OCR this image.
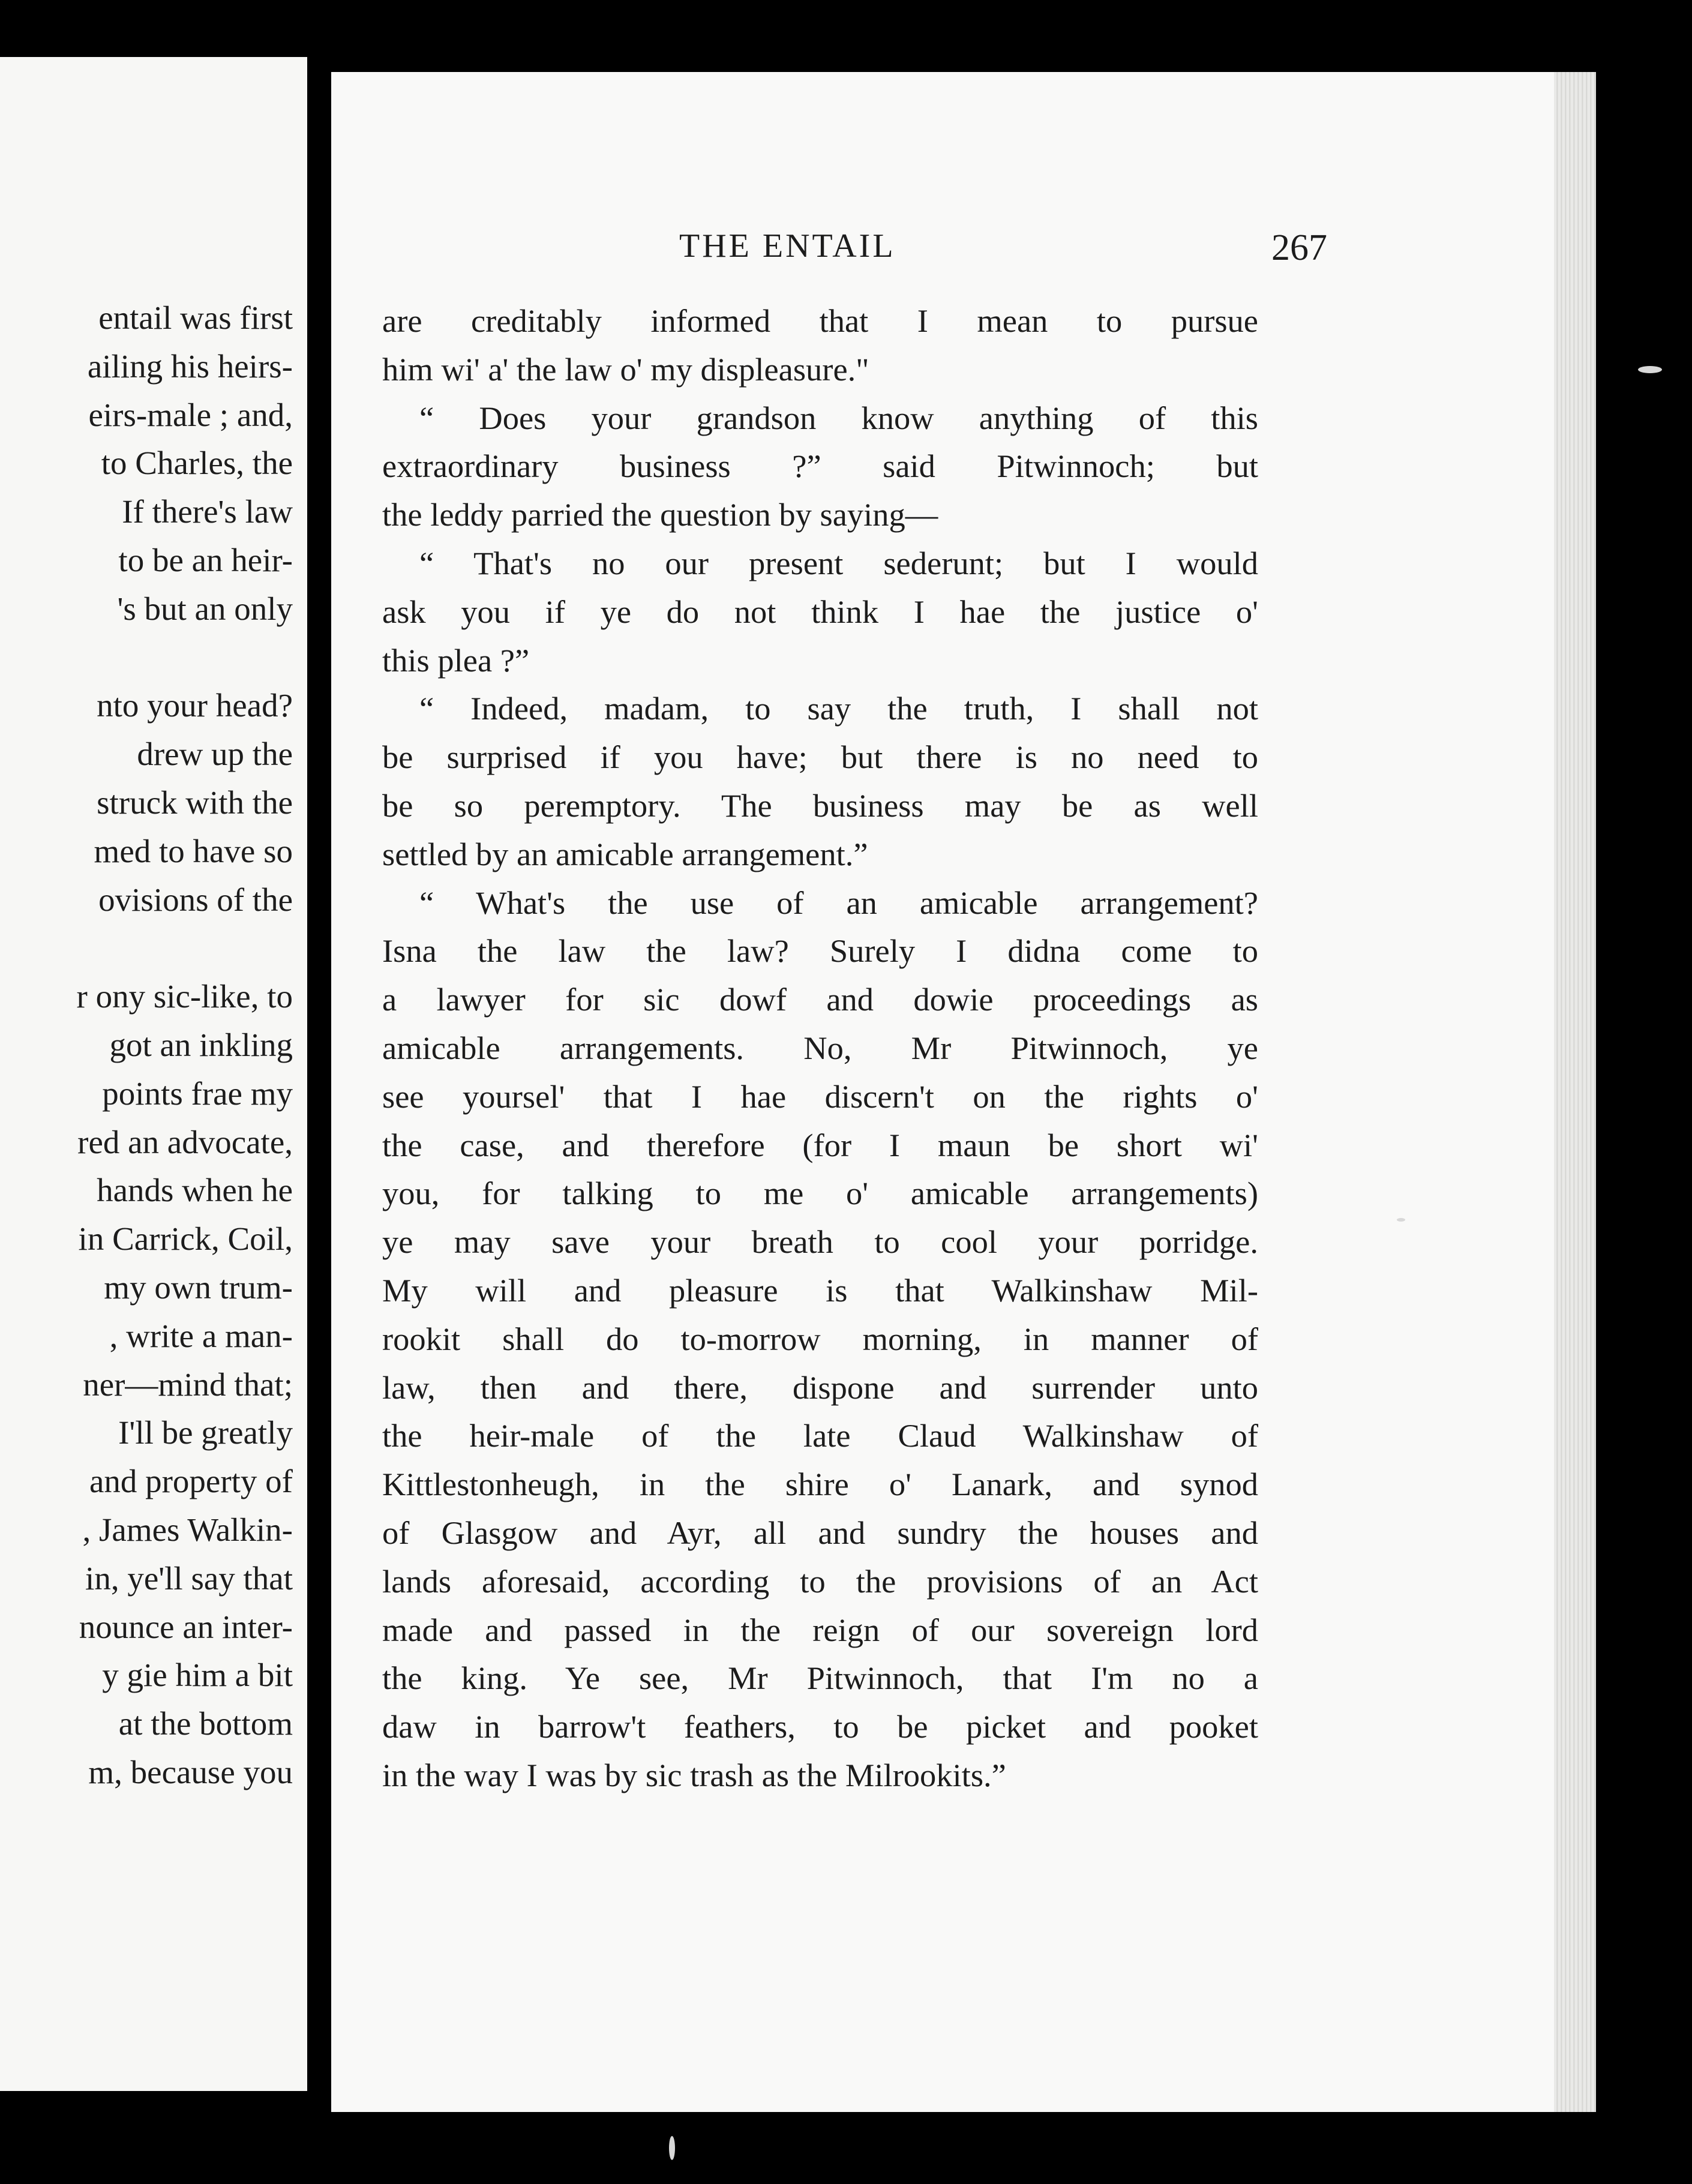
entail was first
ailing his heirs-
eirs-male ; and,
to Charles, the
If there's law
to be an heir-
's but an only
nto your head?
drew up the
struck with the
med to have so
ovisions of the
r ony sic-like, to
got an inkling
points frae my
red an advocate,
hands when he
in Carrick, Coil,
my own trum-
, write a man-
ner—mind that;
I'll be greatly
and property of
, James Walkin-
in, ye'll say that
nounce an inter-
y gie him a bit
at the bottom
m, because you
THE ENTAIL	267
are creditably informed that I mean to pursue
him wi' a' the law o' my displeasure."
“ Does your grandson know anything of this
extraordinary business ?” said Pitwinnoch; but
the leddy parried the question by saying—
“ That's no our present sederunt; but I would
ask you if ye do not think I hae the justice o'
this plea ?”
“ Indeed, madam, to say the truth, I shall not
be surprised if you have; but there is no need to
be so peremptory. The business may be as well
settled by an amicable arrangement.”
“ What's the use of an amicable arrangement?
Isna the law the law? Surely I didna come to
a lawyer for sic dowf and dowie proceedings as
amicable arrangements. No, Mr Pitwinnoch, ye
see yoursel' that I hae discern't on the rights o'
the case, and therefore (for I maun be short wi'
you, for talking to me o' amicable arrangements)
ye may save your breath to cool your porridge.
My will and pleasure is that Walkinshaw Mil-
rookit shall do to-morrow morning, in manner of
law, then and there, dispone and surrender unto
the heir-male of the late Claud Walkinshaw of
Kittlestonheugh, in the shire o' Lanark, and synod
of Glasgow and Ayr, all and sundry the houses and
lands aforesaid, according to the provisions of an Act
made and passed in the reign of our sovereign lord
the king. Ye see, Mr Pitwinnoch, that I'm no a
daw in barrow't feathers, to be picket and pooket
in the way I was by sic trash as the Milrookits.”
